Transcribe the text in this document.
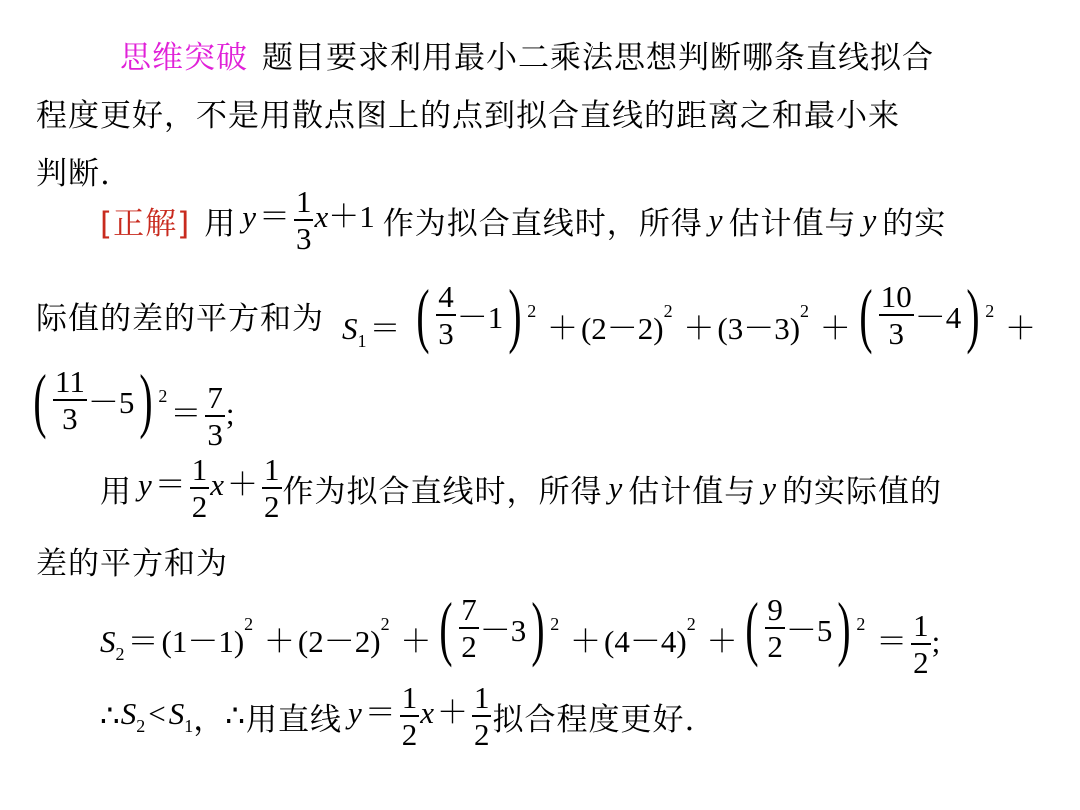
思维突破 题目要求利用最小二乘法思想判断哪条直线拟合
程度更好，不是用散点图上的点到拟合直线的距离之和最小来
判断.
[正解] 用 $y= \frac{1}{3} x+1$ 作为拟合直线时，所得 y 估计值与 y 的实
际值的差的平方和为 $S_1=$ ( $\frac{4}{3} -1$ ) $^2 +(2-2)^2 +(3-3)^2$ ＋ ( $\frac{10}{3} -4$ ) $^2$ ＋
( $\frac{11}{3} -5$ ) $^2= \frac{7}{3}$ ;
用 $y= \frac{1}{2} x+ \frac{1}{2}$ 作为拟合直线时，所得 y 估计值与 y 的实际值的
差的平方和为
$S_2=(1-1)^2 +(2-2)^2$ ＋ ( $\frac{7}{2} -3$ ) $^2 +(4-4)^2$ ＋ ( $\frac{9}{2} -5$ ) $^2 = \frac{1}{2}$ ;
∴ $S_2<S_1$ ， ∴ 用直线 $y= \frac{1}{2} x+ \frac{1}{2}$ 拟合程度更好.
